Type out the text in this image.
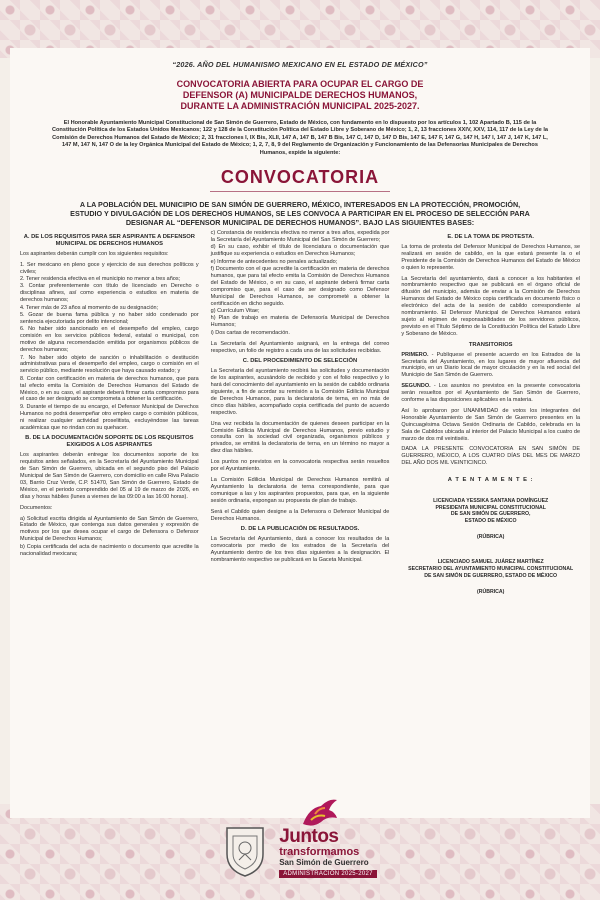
“2026. AÑO DEL HUMANISMO MEXICANO EN EL ESTADO DE MÉXICO”
CONVOCATORIA ABIERTA PARA OCUPAR EL CARGO DE
DEFENSOR (A) MUNICIPALDE DERECHOS HUMANOS,
DURANTE LA ADMINISTRACIÓN MUNICIPAL 2025-2027.
El Honorable Ayuntamiento Municipal Constitucional de San Simón de Guerrero, Estado de México, con fundamento en lo dispuesto por los artículos 1, 102 Apartado B, 115 de la Constitución Política de los Estados Unidos Mexicanos; 122 y 128 de la Constitución Política del Estado Libre y Soberano de México; 1, 2, 13 fracciones XXIV, XXV, 114, 117 de la Ley de la Comisión de Derechos Humanos del Estado de México; 2, 31 fracciones I, IX Bis, XLII, 147 A, 147 B, 147 B Bis, 147 C, 147 D, 147 D Bis, 147 E, 147 F, 147 G, 147 H, 147 I, 147 J, 147 K, 147 L, 147 M, 147 N, 147 O de la ley Orgánica Municipal del Estado de México; 1, 2, 7, 8, 9 del Reglamento de Organización y Funcionamiento de las Defensorías Municipales de Derechos Humanos, expide la siguiente:
CONVOCATORIA
A LA POBLACIÓN DEL MUNICIPIO DE SAN SIMÓN DE GUERRERO, MÉXICO, INTERESADOS EN LA PROTECCIÓN, PROMOCIÓN, ESTUDIO Y DIVULGACIÓN DE LOS DERECHOS HUMANOS, SE LES CONVOCA A PARTICIPAR EN EL PROCESO DE SELECCIÓN PARA DESIGNAR AL “DEFENSOR MUNICIPAL DE DERECHOS HUMANOS”. BAJO LAS SIGUIENTES BASES:
A. DE LOS REQUISITOS PARA SER ASPIRANTE A DEFENSOR MUNICIPAL DE DERECHOS HUMANOS

Los aspirantes deberán cumplir con los siguientes requisitos:

1. Ser mexicano en pleno goce y ejercicio de sus derechos políticos y civiles;
2. Tener residencia efectiva en el municipio no menor a tres años;
3. Contar preferentemente con título de licenciado en Derecho o disciplinas afines, así como experiencia o estudios en materia de derechos humanos;
4. Tener más de 23 años al momento de su designación;
5. Gozar de buena fama pública y no haber sido condenado por sentencia ejecutoriada por delito intencional;
6. No haber sido sancionado en el desempeño del empleo, cargo comisión en los servicios públicos federal, estatal o municipal, con motivo de alguna recomendación emitida por organismos públicos de derechos humanos;
7. No haber sido objeto de sanción o inhabilitación o destitución administrativas para el desempeño del empleo, cargo o comisión en el servicio público, mediante resolución que haya causado estado; y
8. Contar con certificación en materia de derechos humanos, que para tal efecto emita la Comisión de Derechos Humanos del Estado de México, o en su caso, el aspirante deberá firmar carta compromiso para el caso de ser designado se comprometa a obtener la certificación.
9. Durante el tiempo de su encargo, el Defensor Municipal de Derechos Humanos no podrá desempeñar otro empleo cargo o comisión públicos, ni realizar cualquier actividad proselitista, excluyéndose las tareas académicas que no rindan con su quehacer.
B. DE LA DOCUMENTACIÓN SOPORTE DE LOS REQUISITOS EXIGIDOS A LOS ASPIRANTES

Los aspirantes deberán entregar los documentos soporte de los requisitos antes señalados, en la Secretaría del Ayuntamiento Municipal de San Simón de Guerrero, ubicada en el segundo piso del Palacio Municipal de San Simón de Guerrero, con domicilio en calle Riva Palacio 03, Barrio Cruz Verde, C.P. 51470, San Simón de Guerrero, Estado de México, en el periodo comprendido del 05 al 19 de marzo de 2026, en días y horas hábiles (lunes a viernes de las 09:00 a las 16:00 horas).

Documentos:

a) Solicitud escrita dirigida al Ayuntamiento de San Simón de Guerrero, Estado de México, que contenga sus datos generales y expresión de motivos por los que desea ocupar el cargo de Defensora o Defensor Municipal de Derechos Humanos;
b) Copia certificada del acta de nacimiento o documento que acredite la nacionalidad mexicana;
c) Constancia de residencia efectiva no menor a tres años, expedida por la Secretaría del Ayuntamiento Municipal del San Simón de Guerrero;
d) En su caso, exhibir el título de licenciatura o documentación que justifique su experiencia o estudios en Derechos Humanos;
e) Informe de antecedentes no penales actualizado;
f) Documento con el que acredite la certificación en materia de derechos humanos, que para tal efecto emita la Comisión de Derechos Humanos del Estado de México, o en su caso, el aspirante deberá firmar carta compromiso que, para el caso de ser designado como Defensor Municipal de Derechos Humanos, se comprometé a obtener la certificación en dicho seguido.
g) Currículum Vitae;
h) Plan de trabajo en materia de Defensoría Municipal de Derechos Humanos;
i) Dos cartas de recomendación.

La Secretaría del Ayuntamiento asignará, en la entrega del correo respectivo, un folio de registro a cada una de las solicitudes recibidas.

C. DEL PROCEDIMIENTO DE SELECCIÓN

La Secretaría del ayuntamiento recibirá las solicitudes y documentación de los aspirantes, acusándolo de recibido y con el folio respectivo y lo hará del conocimiento del ayuntamiento en la sesión de cabildo ordinaria siguiente, a fin de acordar su remisión a la Comisión Edilicia Municipal de Derechos Humanos, para la declaratoria de terna, en no más de cinco días hábiles, acompañado copia certificada del punto de acuerdo respectivo.

Una vez recibida la documentación de quienes deseen participar en la Comisión Edilicia Municipal de Derechos Humanos, previo estudio y consulta con la sociedad civil organizada, organismos públicos y privados, se emitirá la declaratoria de terna, en un término no mayor a diez días hábiles.

Los puntos no previstos en la convocatoria respectiva serán resueltos por el Ayuntamiento.

La Comisión Edilicia Municipal de Derechos Humanos remitirá al Ayuntamiento la declaratoria de terna correspondiente, para que comunique a las y los aspirantes propuestos, para que, en la siguiente sesión ordinaria, expongan su propuesta de plan de trabajo.

Será el Cabildo quien designe a la Defensora o Defensor Municipal de Derechos Humanos.

D. DE LA PUBLICACIÓN DE RESULTADOS.

La Secretaría del Ayuntamiento, dará a conocer los resultados de la convocatoria por medio de los estrados de la Secretaría del Ayuntamiento dentro de los tres días siguientes a la designación. El nombramiento respectivo se publicará en la Gaceta Municipal.

E. DE LA TOMA DE PROTESTA.

La toma de protesta del Defensor Municipal de Derechos Humanos, se realizará en sesión de cabildo, en la que estará presente la o el Presidente de la Comisión de Derechos Humanos del Estado de México o quien lo represente.

La Secretaría del ayuntamiento, dará a conocer a los habitantes el nombramiento respectivo que se publicará en el órgano oficial de difusión del municipio, además de enviar a la Comisión de Derechos Humanos del Estado de México copia certificada en documento físico o electrónico del acta de la sesión de cabildo correspondiente al nombramiento. El Defensor Municipal de Derechos Humanos estará sujeto al régimen de responsabilidades de los servidores públicos, previsto en el Título Séptimo de la Constitución Política del Estado Libre y Soberano de México.

TRANSITORIOS

PRIMERO. - Publíquese el presente acuerdo en los Estrados de la Secretaría del Ayuntamiento, en los lugares de mayor afluencia del municipio, en un Diario local de mayor circulación y en la red social del Municipio de San Simón de Guerrero.

SEGUNDO. - Los asuntos no previstos en la presente convocatoria serán resueltos por el Ayuntamiento de San Simón de Guerrero, conforme a las disposiciones aplicables en la materia.

Así lo aprobaron por UNANIMIDAD de votos los integrantes del Honorable Ayuntamiento de San Simón de Guerrero presentes en la Quincuagésima Octava Sesión Ordinaria de Cabildo, celebrada en la Sala de Cabildos ubicada al interior del Palacio Municipal a los cuatro de marzo de dos mil veintiséis.

DADA LA PRESENTE CONVOCATORIA EN SAN SIMÓN DE GUERRERO, MÉXICO, A LOS CUATRO DÍAS DEL MES DE MARZO DEL AÑO DOS MIL VEINTICINCO.

A T E N T A M E N T E :
LICENCIADA YESSIKA SANTANA DOMÍNGUEZ
PRESIDENTA MUNICIPAL CONSTITUCIONAL
DE SAN SIMÓN DE GUERRERO,
ESTADO DE MÉXICO
(RÚBRICA)
LICENCIADO SAMUEL JUÁREZ MARTÍNEZ
SECRETARIO DEL AYUNTAMIENTO MUNICIPAL CONSTITUCIONAL
DE SAN SIMÓN DE GUERRERO, ESTADO DE MÉXICO
(RÚBRICA)
Juntos
transformamos
San Simón de Guerrero
ADMINISTRACIÓN 2025-2027
